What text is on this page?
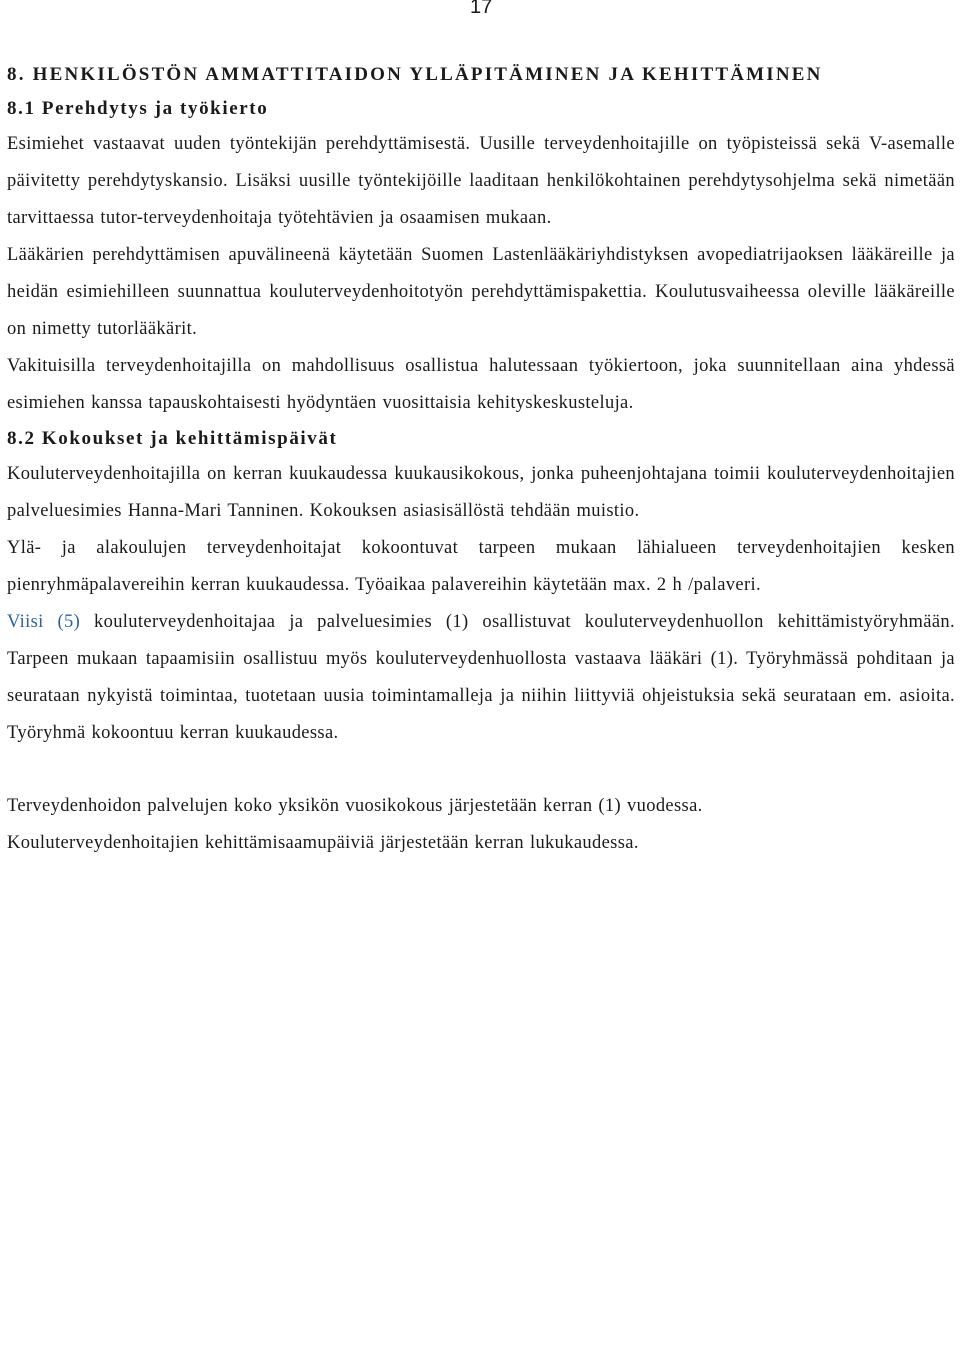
17
8. HENKILÖSTÖN AMMATTITAIDON YLLÄPITÄMINEN JA KEHITTÄMINEN
8.1 Perehdytys ja työkierto

Esimiehet vastaavat uuden työntekijän perehdyttämisestä. Uusille terveydenhoitajille on työpisteissä sekä V-asemalle päivitetty perehdytyskansio. Lisäksi uusille työntekijöille laaditaan henkilökohtainen perehdytysohjelma sekä nimetään tarvittaessa tutor-terveydenhoitaja työtehtävien ja osaamisen mukaan.

Lääkärien perehdyttämisen apuvälineenä käytetään Suomen Lastenlääkäriyhdistyksen avopediatrijaoksen lääkäreille ja heidän esimiehilleen suunnattua kouluterveydenhoitotyön perehdyttämispakettia. Koulutusvaiheessa oleville lääkäreille on nimetty tutorlääkärit.

Vakituisilla terveydenhoitajilla on mahdollisuus osallistua halutessaan työkiertoon, joka suunnitellaan aina yhdessä esimiehen kanssa tapauskohtaisesti hyödyntäen vuosittaisia kehityskeskusteluja.

8.2 Kokoukset ja kehittämispäivät

Kouluterveydenhoitajilla on kerran kuukaudessa kuukausikokous, jonka puheenjohtajana toimii kouluterveydenhoitajien palveluesimies Hanna-Mari Tanninen. Kokouksen asiasisällöstä tehdään muistio.

Ylä- ja alakoulujen terveydenhoitajat kokoontuvat tarpeen mukaan lähialueen terveydenhoitajien kesken pienryhmäpalavereihin kerran kuukaudessa. Työaikaa palavereihin käytetään max. 2 h /palaveri.

Viisi (5) kouluterveydenhoitajaa ja palveluesimies (1) osallistuvat kouluterveydenhuollon kehittämistyöryhmään. Tarpeen mukaan tapaamisiin osallistuu myös kouluterveydenhuollosta vastaava lääkäri (1). Työryhmässä pohditaan ja seurataan nykyistä toimintaa, tuotetaan uusia toimintamalleja ja niihin liittyviä ohjeistuksia sekä seurataan em. asioita. Työryhmä kokoontuu kerran kuukaudessa.

Terveydenhoidon palvelujen koko yksikön vuosikokous järjestetään kerran (1) vuodessa.

Kouluterveydenhoitajien kehittämisaamupäiviä järjestetään kerran lukukaudessa.
